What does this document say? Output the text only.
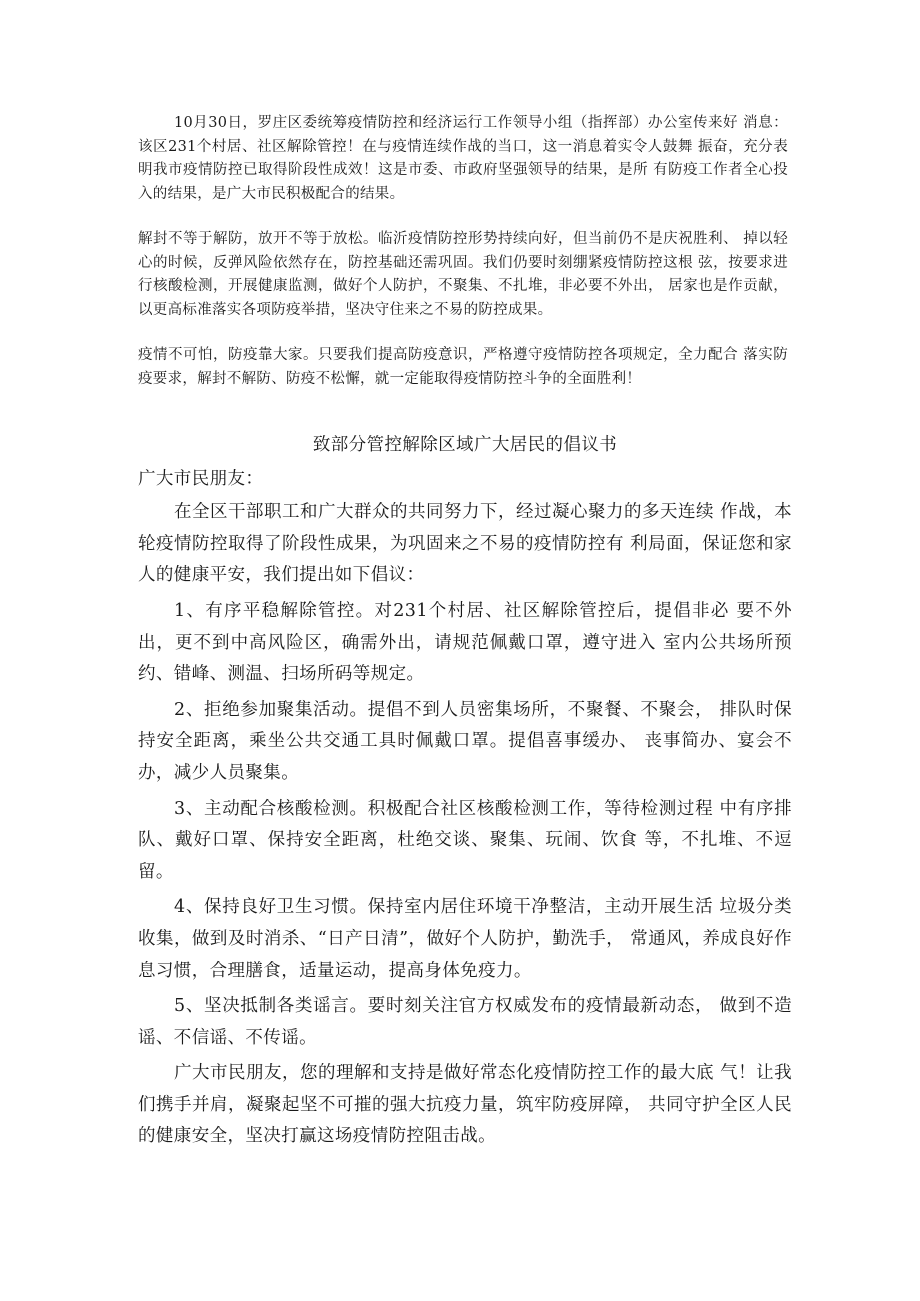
10月30日，罗庄区委统筹疫情防控和经济运行工作领导小组（指挥部）办公室传来好 消息：该区231个村居、社区解除管控！在与疫情连续作战的当口，这一消息着实令人鼓舞 振奋，充分表明我市疫情防控已取得阶段性成效！这是市委、市政府坚强领导的结果，是所 有防疫工作者全心投入的结果，是广大市民积极配合的结果。

解封不等于解防，放开不等于放松。临沂疫情防控形势持续向好，但当前仍不是庆祝胜利、 掉以轻心的时候，反弹风险依然存在，防控基础还需巩固。我们仍要时刻绷紧疫情防控这根 弦，按要求进行核酸检测，开展健康监测，做好个人防护，不聚集、不扎堆，非必要不外出， 居家也是作贡献，以更高标准落实各项防疫举措，坚决守住来之不易的防控成果。

疫情不可怕，防疫靠大家。只要我们提高防疫意识，严格遵守疫情防控各项规定，全力配合 落实防疫要求，解封不解防、防疫不松懈，就一定能取得疫情防控斗争的全面胜利！

致部分管控解除区域广大居民的倡议书

广大市民朋友：

在全区干部职工和广大群众的共同努力下，经过凝心聚力的多天连续 作战，本轮疫情防控取得了阶段性成果，为巩固来之不易的疫情防控有 利局面，保证您和家人的健康平安，我们提出如下倡议：

1、有序平稳解除管控。对231个村居、社区解除管控后，提倡非必 要不外出，更不到中高风险区，确需外出，请规范佩戴口罩，遵守进入 室内公共场所预约、错峰、测温、扫场所码等规定。

2、拒绝参加聚集活动。提倡不到人员密集场所，不聚餐、不聚会， 排队时保持安全距离，乘坐公共交通工具时佩戴口罩。提倡喜事缓办、 丧事简办、宴会不办，减少人员聚集。

3、主动配合核酸检测。积极配合社区核酸检测工作，等待检测过程 中有序排队、戴好口罩、保持安全距离，杜绝交谈、聚集、玩闹、饮食 等，不扎堆、不逗留。

4、保持良好卫生习惯。保持室内居住环境干净整洁，主动开展生活 垃圾分类收集，做到及时消杀、“日产日清”，做好个人防护，勤洗手， 常通风，养成良好作息习惯，合理膳食，适量运动，提高身体免疫力。

5、坚决抵制各类谣言。要时刻关注官方权威发布的疫情最新动态， 做到不造谣、不信谣、不传谣。

广大市民朋友，您的理解和支持是做好常态化疫情防控工作的最大底 气！让我们携手并肩，凝聚起坚不可摧的强大抗疫力量，筑牢防疫屏障， 共同守护全区人民的健康安全，坚决打赢这场疫情防控阻击战。
